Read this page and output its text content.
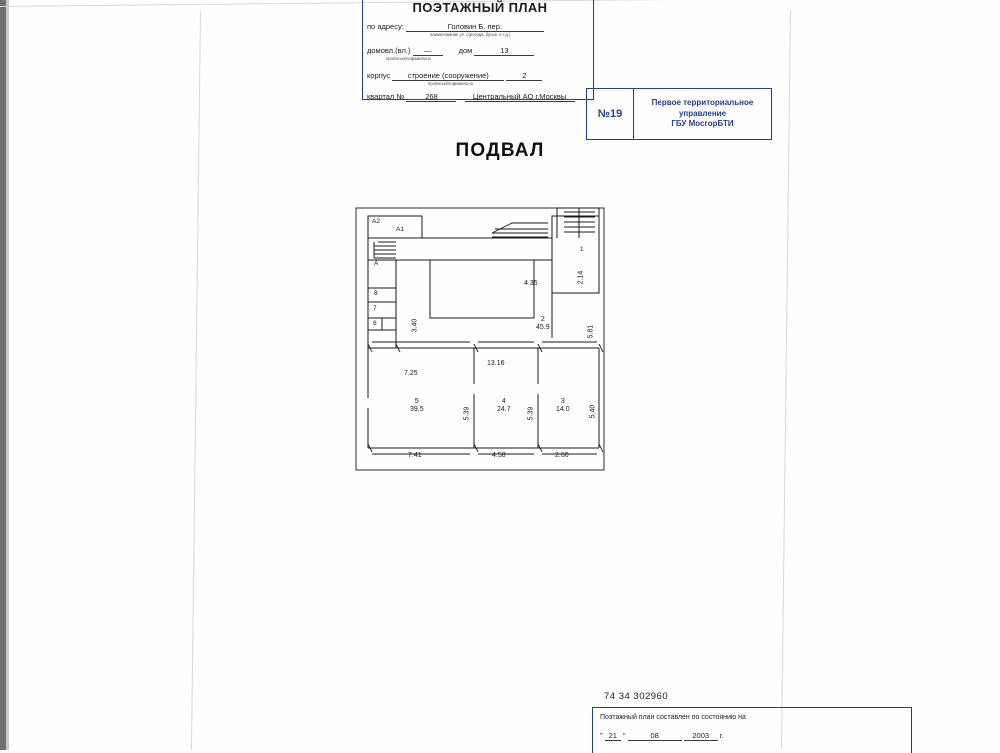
ПОЭТАЖНЫЙ ПЛАН
по адресу:	Головин Б. пер.
наименование ул. (проезда, бульв. и т.д.)
домовл.(вл.) —	дом	13
прописью/пофамильно
корпус строение (сооружение)	2
прописью/пофамильно
квартал №	268	Центральный АО г.Москвы
№19
Первое территориальное
управление
ГБУ МосгорБТИ
ПОДВАЛ
A2
A1
A
8
7
6
1
2
45.9
5
39.5
4
24.7
3
14.0
4.35
7.25
13.16
7.41	4.58	2.60
2.14
3.40	5.81
5.39	5.39	5.40
74 34 302960
Поэтажный план составлен по состоянию на
" 21 "	08	2003 г.
